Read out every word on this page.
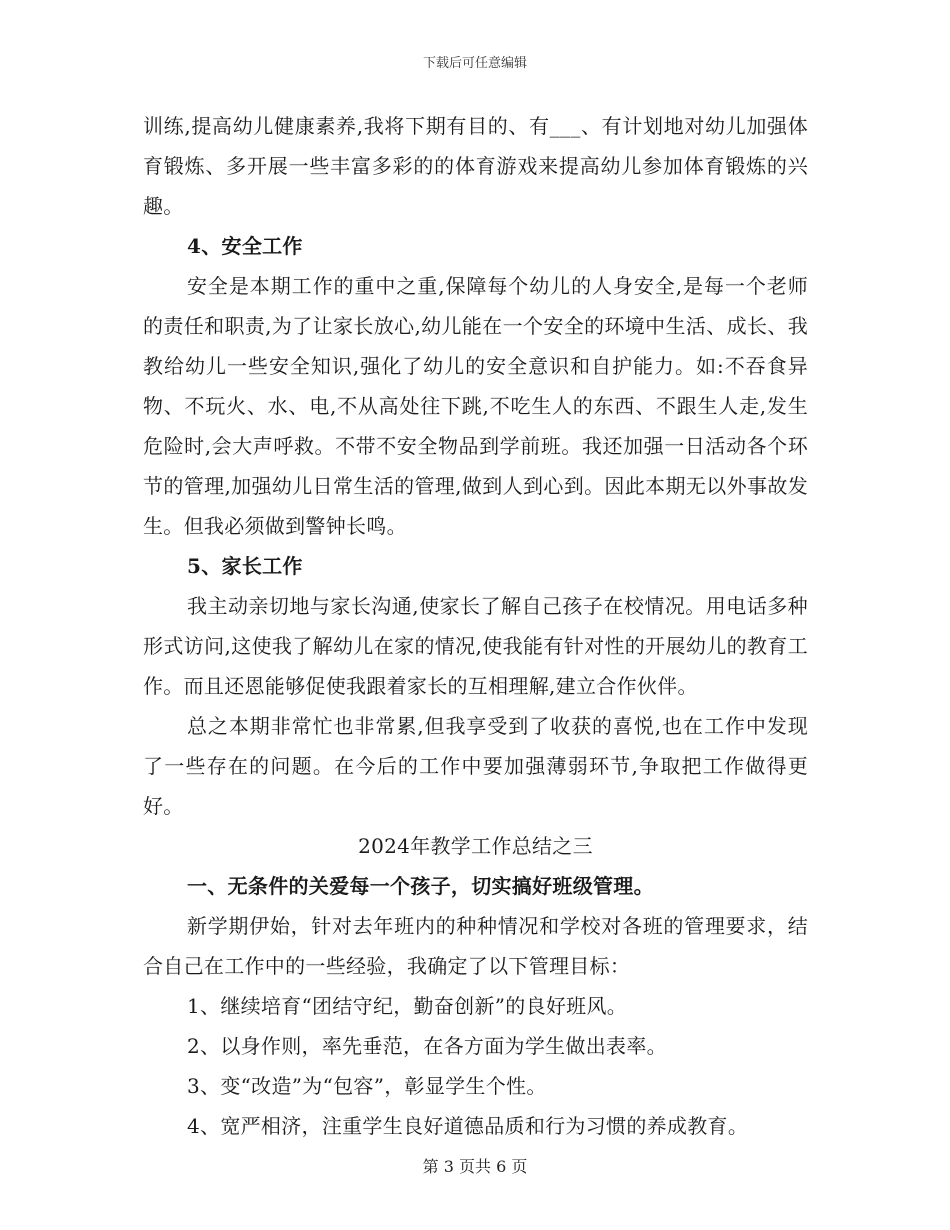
下载后可任意编辑

训练,提高幼儿健康素养,我将下期有目的、有___、有计划地对幼儿加强体育锻炼、多开展一些丰富多彩的的体育游戏来提高幼儿参加体育锻炼的兴趣。

4、安全工作

安全是本期工作的重中之重,保障每个幼儿的人身安全,是每一个老师的责任和职责,为了让家长放心,幼儿能在一个安全的环境中生活、成长、我教给幼儿一些安全知识,强化了幼儿的安全意识和自护能力。如:不吞食异物、不玩火、水、电,不从高处往下跳,不吃生人的东西、不跟生人走,发生危险时,会大声呼救。不带不安全物品到学前班。我还加强一日活动各个环节的管理,加强幼儿日常生活的管理,做到人到心到。因此本期无以外事故发生。但我必须做到警钟长鸣。

5、家长工作

我主动亲切地与家长沟通,使家长了解自己孩子在校情况。用电话多种形式访问,这使我了解幼儿在家的情况,使我能有针对性的开展幼儿的教育工作。而且还恩能够促使我跟着家长的互相理解,建立合作伙伴。

总之本期非常忙也非常累,但我享受到了收获的喜悦,也在工作中发现了一些存在的问题。在今后的工作中要加强薄弱环节,争取把工作做得更好。

2024年教学工作总结之三

一、无条件的关爱每一个孩子，切实搞好班级管理。

新学期伊始，针对去年班内的种种情况和学校对各班的管理要求，结合自己在工作中的一些经验，我确定了以下管理目标：

1、继续培育“团结守纪，勤奋创新”的良好班风。

2、以身作则，率先垂范，在各方面为学生做出表率。

3、变“改造”为“包容”，彰显学生个性。

4、宽严相济，注重学生良好道德品质和行为习惯的养成教育。

第 3 页共 6 页
